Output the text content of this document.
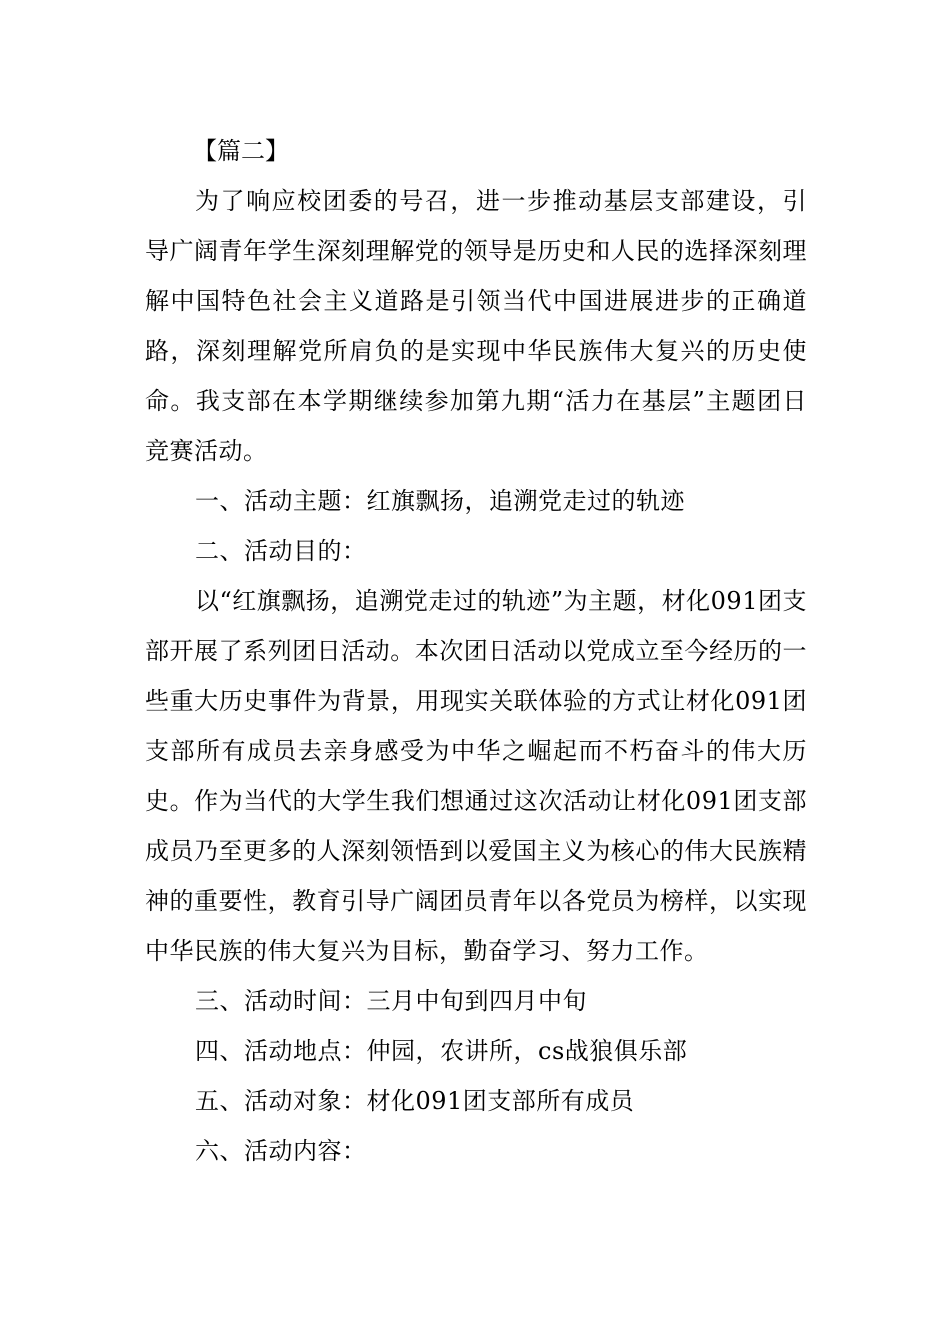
【篇二】

为了响应校团委的号召，进一步推动基层支部建设，引导广阔青年学生深刻理解党的领导是历史和人民的选择深刻理解中国特色社会主义道路是引领当代中国进展进步的正确道路，深刻理解党所肩负的是实现中华民族伟大复兴的历史使命。我支部在本学期继续参加第九期“活力在基层”主题团日竞赛活动。

一、活动主题：红旗飘扬，追溯党走过的轨迹

二、活动目的：

以“红旗飘扬，追溯党走过的轨迹”为主题，材化091团支部开展了系列团日活动。本次团日活动以党成立至今经历的一些重大历史事件为背景，用现实关联体验的方式让材化091团支部所有成员去亲身感受为中华之崛起而不朽奋斗的伟大历史。作为当代的大学生我们想通过这次活动让材化091团支部成员乃至更多的人深刻领悟到以爱国主义为核心的伟大民族精神的重要性，教育引导广阔团员青年以各党员为榜样，以实现中华民族的伟大复兴为目标，勤奋学习、努力工作。

三、活动时间：三月中旬到四月中旬

四、活动地点：仲园，农讲所，cs战狼俱乐部

五、活动对象：材化091团支部所有成员

六、活动内容：
